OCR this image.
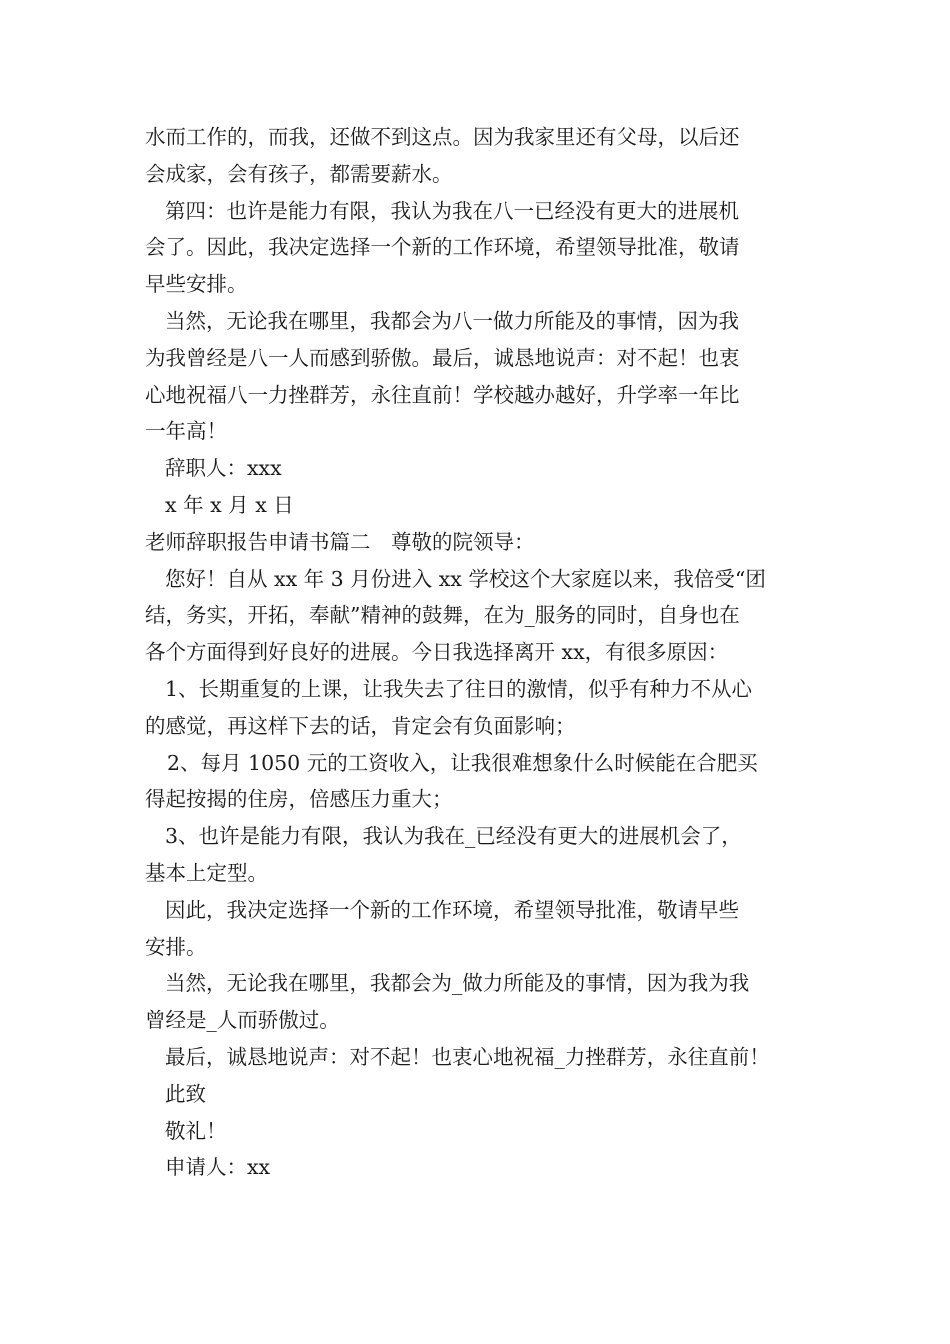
水而工作的，而我，还做不到这点。因为我家里还有父母，以后还
会成家，会有孩子，都需要薪水。
第四：也许是能力有限，我认为我在八一已经没有更大的进展机
会了。因此，我决定选择一个新的工作环境，希望领导批准，敬请
早些安排。
当然，无论我在哪里，我都会为八一做力所能及的事情，因为我
为我曾经是八一人而感到骄傲。最后，诚恳地说声：对不起！也衷
心地祝福八一力挫群芳，永往直前！学校越办越好，升学率一年比
一年高！
辞职人：xxx
x 年 x 月 x 日
老师辞职报告申请书篇二　尊敬的院领导：
您好！自从 xx 年 3 月份进入 xx 学校这个大家庭以来，我倍受“团
结，务实，开拓，奉献”精神的鼓舞，在为_服务的同时，自身也在
各个方面得到好良好的进展。今日我选择离开 xx，有很多原因：
1、长期重复的上课，让我失去了往日的激情，似乎有种力不从心
的感觉，再这样下去的话，肯定会有负面影响；
2、每月 1050 元的工资收入，让我很难想象什么时候能在合肥买
得起按揭的住房，倍感压力重大；
3、也许是能力有限，我认为我在_已经没有更大的进展机会了，
基本上定型。
因此，我决定选择一个新的工作环境，希望领导批准，敬请早些
安排。
当然，无论我在哪里，我都会为_做力所能及的事情，因为我为我
曾经是_人而骄傲过。
最后，诚恳地说声：对不起！也衷心地祝福_力挫群芳，永往直前！
此致
敬礼！
申请人：xx
